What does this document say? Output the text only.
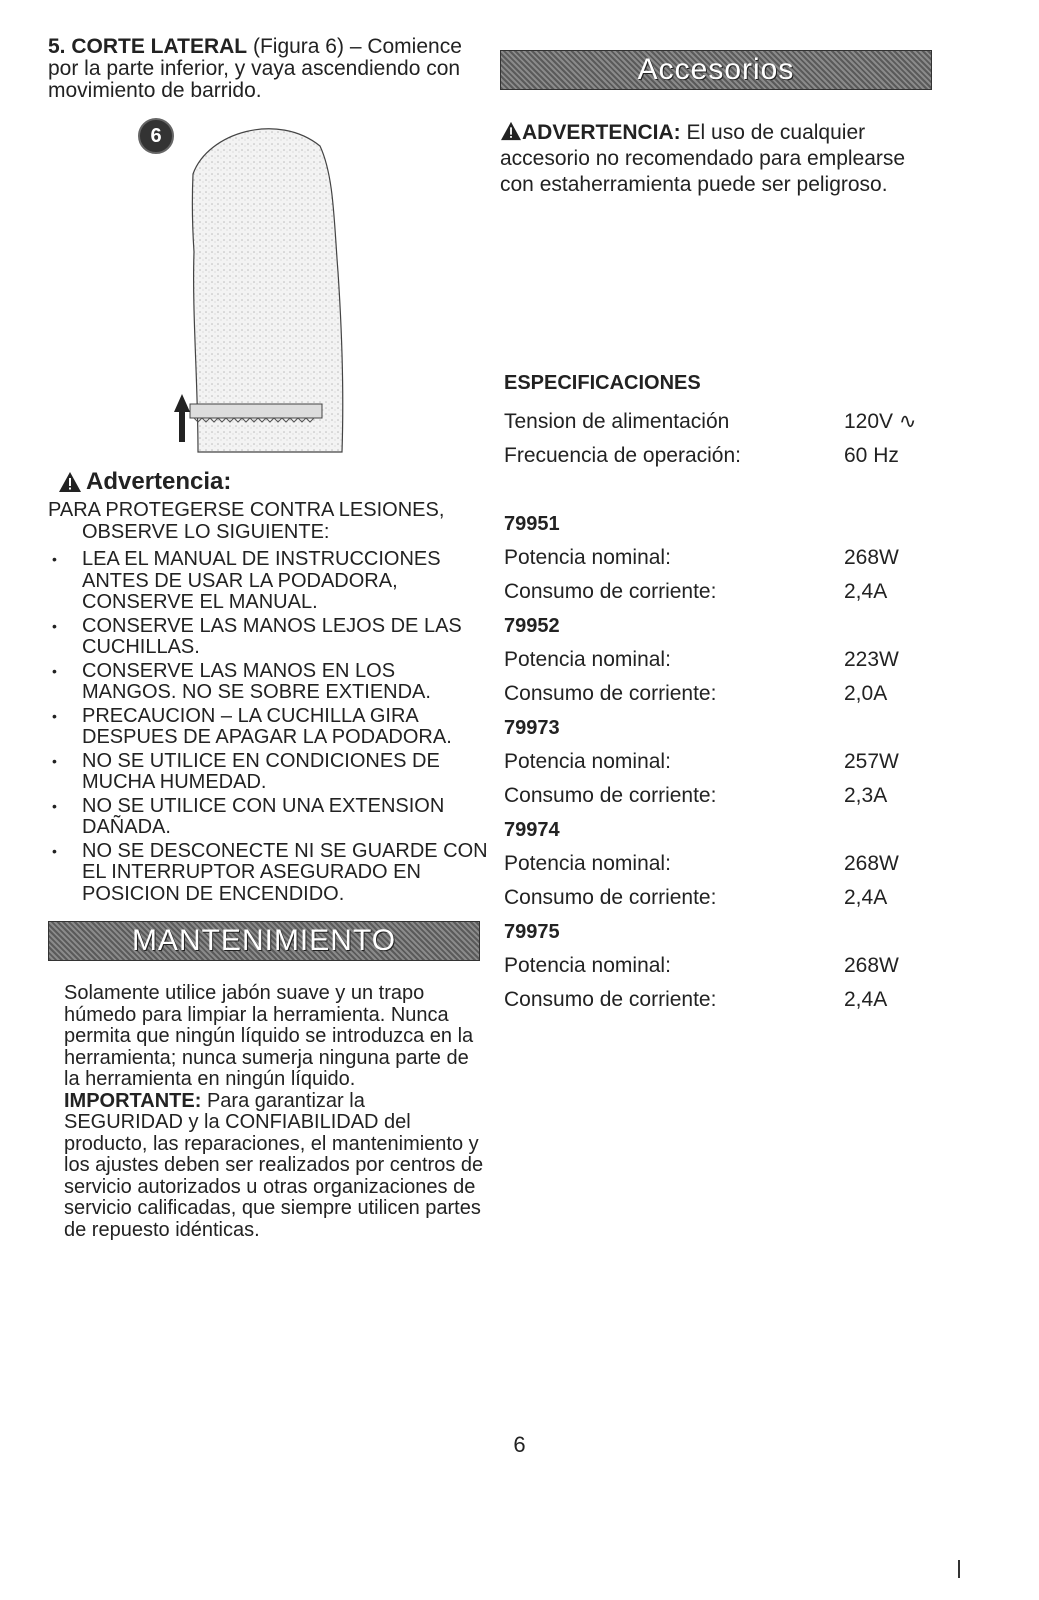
5. CORTE LATERAL (Figura 6) – Comience por la parte inferior, y vaya ascendiendo con movimiento de barrido.

6
Advertencia:
PARA PROTEGERSE CONTRA LESIONES, OBSERVE LO SIGUIENTE:
• LEA EL MANUAL DE INSTRUCCIONES ANTES DE USAR LA PODADORA, CONSERVE EL MANUAL.
• CONSERVE LAS MANOS LEJOS DE LAS CUCHILLAS.
• CONSERVE LAS MANOS EN LOS MANGOS. NO SE SOBRE EXTIENDA.
• PRECAUCION – LA CUCHILLA GIRA DESPUES DE APAGAR LA PODADORA.
• NO SE UTILICE EN CONDICIONES DE MUCHA HUMEDAD.
• NO SE UTILICE CON UNA EXTENSION DAÑADA.
• NO SE DESCONECTE NI SE GUARDE CON EL INTERRUPTOR ASEGURADO EN POSICION DE ENCENDIDO.
MANTENIMIENTO

Solamente utilice jabón suave y un trapo húmedo para limpiar la herramienta. Nunca permita que ningún líquido se introduzca en la herramienta; nunca sumerja ninguna parte de la herramienta en ningún líquido.

IMPORTANTE: Para garantizar la SEGURIDAD y la CONFIABILIDAD del producto, las reparaciones, el mantenimiento y los ajustes deben ser realizados por centros de servicio autorizados u otras organizaciones de servicio calificadas, que siempre utilicen partes de repuesto idénticas.

Accesorios

ADVERTENCIA: El uso de cualquier accesorio no recomendado para emplearse con estaherramienta puede ser peligroso.

ESPECIFICACIONES
Tension de alimentación	120V ∿
Frecuencia de operación:	60 Hz
79951
Potencia nominal:	268W
Consumo de corriente:	2,4A
79952
Potencia nominal:	223W
Consumo de corriente:	2,0A
79973
Potencia nominal:	257W
Consumo de corriente:	2,3A
79974
Potencia nominal:	268W
Consumo de corriente:	2,4A
79975
Potencia nominal:	268W
Consumo de corriente:	2,4A
6
